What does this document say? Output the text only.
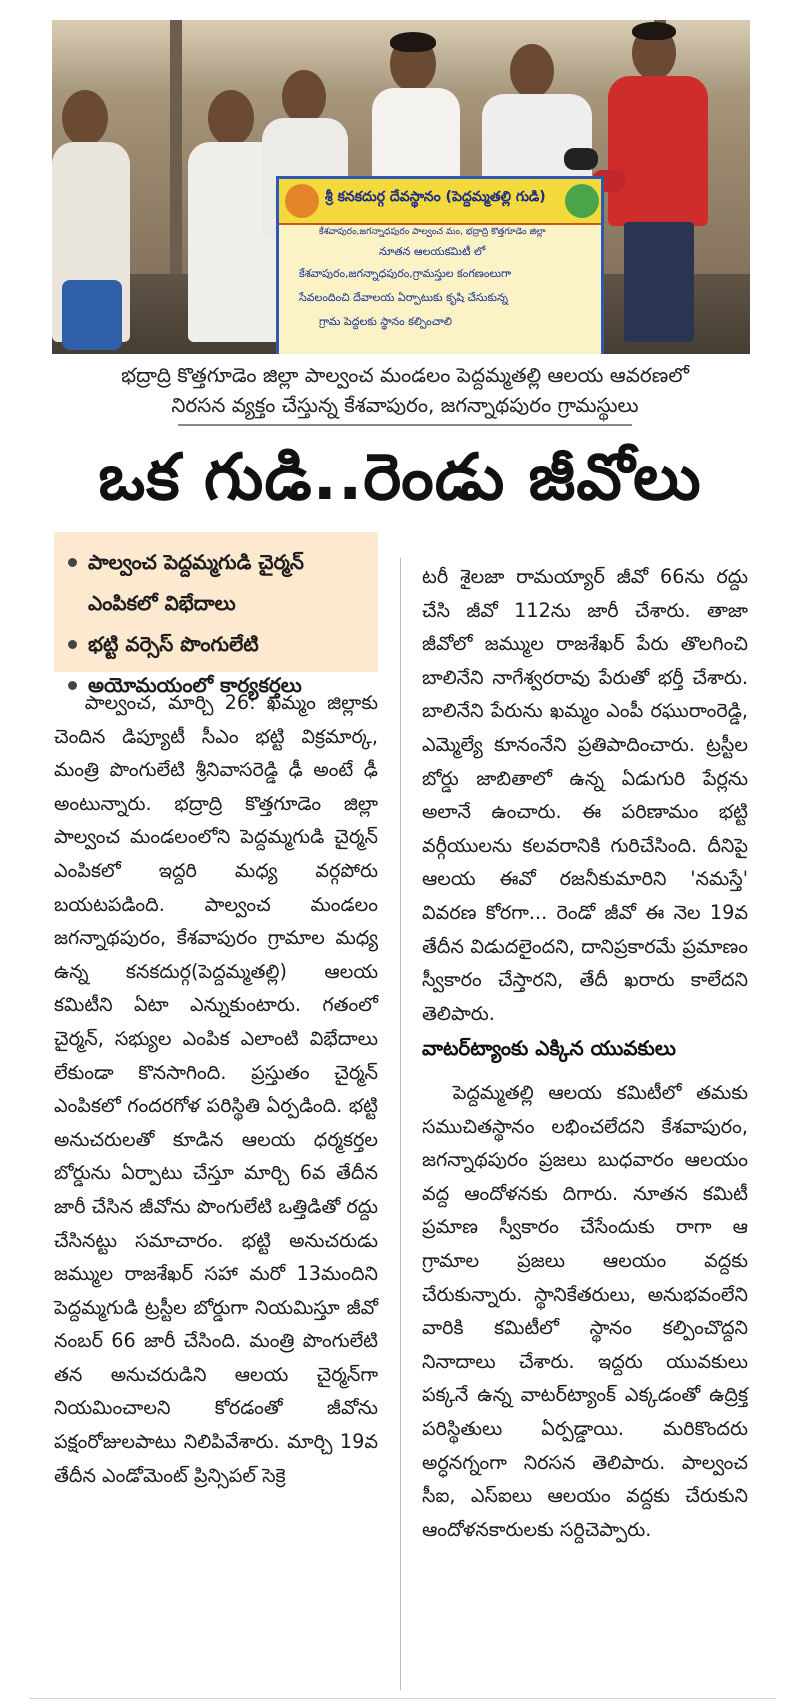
శ్రీ కనకదుర్గ దేవస్థానం (పెద్దమ్మతల్లి గుడి)
కేశవాపురం,జగన్నాధపురం పాల్వంచ మం, భద్రాద్రి కొత్తగూడెం జిల్లా
నూతన ఆలయకమిటీ లో
కేశవాపురం,జగన్నాధపురం,గ్రామస్తుల కంగణంలుగా
సేవలందించి దేవాలయ ఏర్పాటుకు కృషి చేసుకున్న
గ్రామ పెద్దలకు స్థానం కల్పించాలి
భద్రాద్రి కొత్తగూడెం జిల్లా పాల్వంచ మండలం పెద్దమ్మతల్లి ఆలయ ఆవరణలో
నిరసన వ్యక్తం చేస్తున్న కేశవాపురం, జగన్నాథపురం గ్రామస్థులు
ఒక గుడి..రెండు జీవోలు
పాల్వంచ పెద్దమ్మగుడి చైర్మన్
ఎంపికలో విభేదాలు
భట్టి వర్సెస్ పొంగులేటి
అయోమయంలో కార్యకర్తలు

పాల్వంచ, మార్చి 26: ఖమ్మం జిల్లాకు చెందిన డిప్యూటీ సీఎం భట్టి విక్రమార్క, మంత్రి పొంగులేటి శ్రీనివాసరెడ్డి ఢీ అంటే ఢీ అంటున్నారు. భద్రాద్రి కొత్తగూడెం జిల్లా పాల్వంచ మండలంలోని పెద్దమ్మగుడి చైర్మన్ ఎంపికలో ఇద్దరి మధ్య వర్గపోరు బయటపడింది. పాల్వంచ మండలం జగన్నాథపురం, కేశవాపురం గ్రామాల మధ్య ఉన్న కనకదుర్గ(పెద్దమ్మతల్లి) ఆలయ కమిటీని ఏటా ఎన్నుకుంటారు. గతంలో చైర్మన్, సభ్యుల ఎంపిక ఎలాంటి విభేదాలు లేకుండా కొనసాగింది. ప్రస్తుతం చైర్మన్ ఎంపికలో గందరగోళ పరిస్థితి ఏర్పడింది. భట్టి అనుచరులతో కూడిన ఆలయ ధర్మకర్తల బోర్డును ఏర్పాటు చేస్తూ మార్చి 6వ తేదీన జారీ చేసిన జీవోను పొంగులేటి ఒత్తిడితో రద్దు చేసినట్టు సమాచారం. భట్టి అనుచరుడు జమ్ముల రాజశేఖర్ సహా మరో 13మందిని పెద్దమ్మగుడి ట్రస్టీల బోర్డుగా నియమిస్తూ జీవో నంబర్ 66 జారీ చేసింది. మంత్రి పొంగులేటి తన అనుచరుడిని ఆలయ చైర్మన్‌గా నియమించాలని కోరడంతో జీవోను పక్షంరోజులపాటు నిలిపివేశారు. మార్చి 19వ తేదీన ఎండోమెంట్ ప్రిన్సిపల్ సెక్రె

టరీ శైలజా రామయ్యార్ జీవో 66ను రద్దు చేసి జీవో 112ను జారీ చేశారు. తాజా జీవోలో జమ్ముల రాజశేఖర్ పేరు తొలగించి బాలినేని నాగేశ్వరరావు పేరుతో భర్తీ చేశారు. బాలినేని పేరును ఖమ్మం ఎంపీ రఘురాంరెడ్డి, ఎమ్మెల్యే కూనంనేని ప్రతిపాదించారు. ట్రస్టీల బోర్డు జాబితాలో ఉన్న ఏడుగురి పేర్లను అలానే ఉంచారు. ఈ పరిణామం భట్టి వర్గీయులను కలవరానికి గురిచేసింది. దీనిపై ఆలయ ఈవో రజనీకుమారిని 'నమస్తే' వివరణ కోరగా... రెండో జీవో ఈ నెల 19వ తేదీన విడుదలైందని, దానిప్రకారమే ప్రమాణం స్వీకారం చేస్తారని, తేదీ ఖరారు కాలేదని తెలిపారు.

వాటర్‌ట్యాంకు ఎక్కిన యువకులు

పెద్దమ్మతల్లి ఆలయ కమిటీలో తమకు సముచితస్థానం లభించలేదని కేశవాపురం, జగన్నాథపురం ప్రజలు బుధవారం ఆలయం వద్ద ఆందోళనకు దిగారు. నూతన కమిటీ ప్రమాణ స్వీకారం చేసేందుకు రాగా ఆ గ్రామాల ప్రజలు ఆలయం వద్దకు చేరుకున్నారు. స్థానికేతరులు, అనుభవంలేని వారికి కమిటీలో స్థానం కల్పించొద్దని నినాదాలు చేశారు. ఇద్దరు యువకులు పక్కనే ఉన్న వాటర్‌ట్యాంక్ ఎక్కడంతో ఉద్రిక్త పరిస్థితులు ఏర్పడ్డాయి. మరికొందరు అర్ధనగ్నంగా నిరసన తెలిపారు. పాల్వంచ సీఐ, ఎస్‌ఐలు ఆలయం వద్దకు చేరుకుని ఆందోళనకారులకు సర్దిచెప్పారు.
